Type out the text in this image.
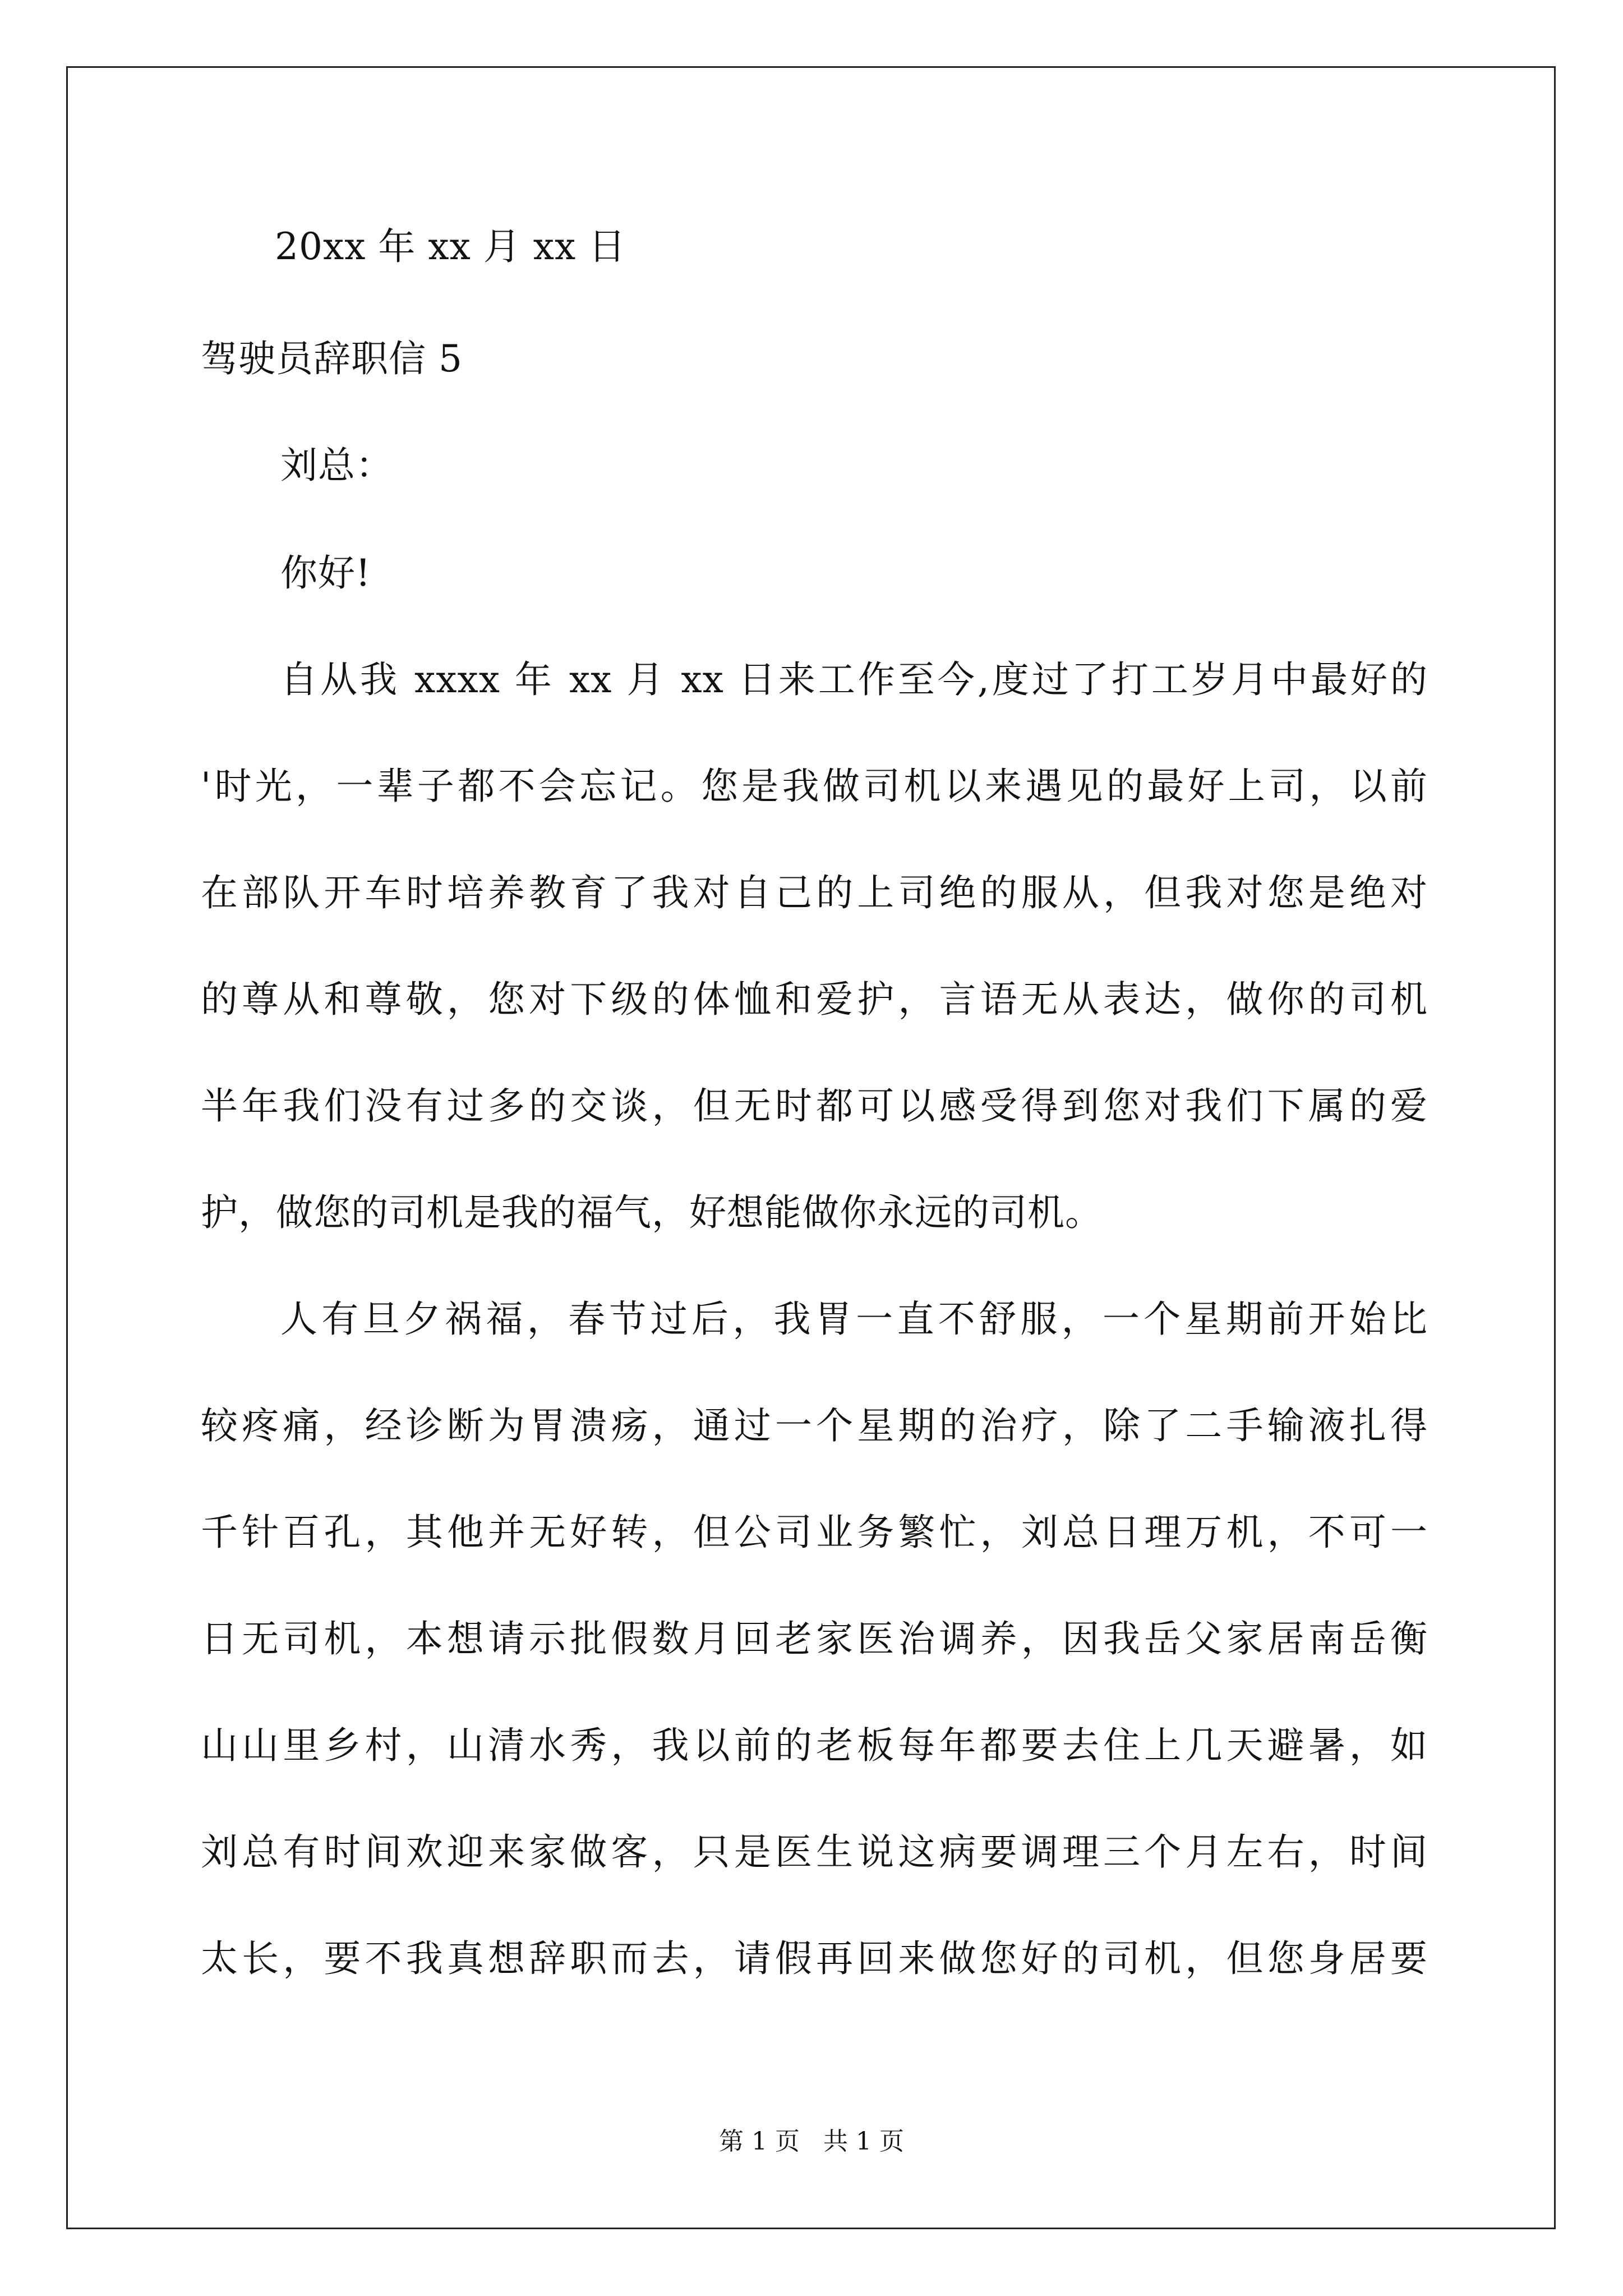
20xx 年 xx 月 xx 日
驾驶员辞职信 5
刘总：
你好!
自从我 xxxx 年 xx 月 xx 日来工作至今,度过了打工岁月中最好的
'时光，一辈子都不会忘记。您是我做司机以来遇见的最好上司，以前
在部队开车时培养教育了我对自己的上司绝的服从，但我对您是绝对
的尊从和尊敬，您对下级的体恤和爱护，言语无从表达，做你的司机
半年我们没有过多的交谈，但无时都可以感受得到您对我们下属的爱
护，做您的司机是我的福气，好想能做你永远的司机。
人有旦夕祸福，春节过后，我胃一直不舒服，一个星期前开始比
较疼痛，经诊断为胃溃疡，通过一个星期的治疗，除了二手输液扎得
千针百孔，其他并无好转，但公司业务繁忙，刘总日理万机，不可一
日无司机，本想请示批假数月回老家医治调养，因我岳父家居南岳衡
山山里乡村，山清水秀，我以前的老板每年都要去住上几天避暑，如
刘总有时间欢迎来家做客，只是医生说这病要调理三个月左右，时间
太长，要不我真想辞职而去，请假再回来做您好的司机，但您身居要
第 1 页   共 1 页
